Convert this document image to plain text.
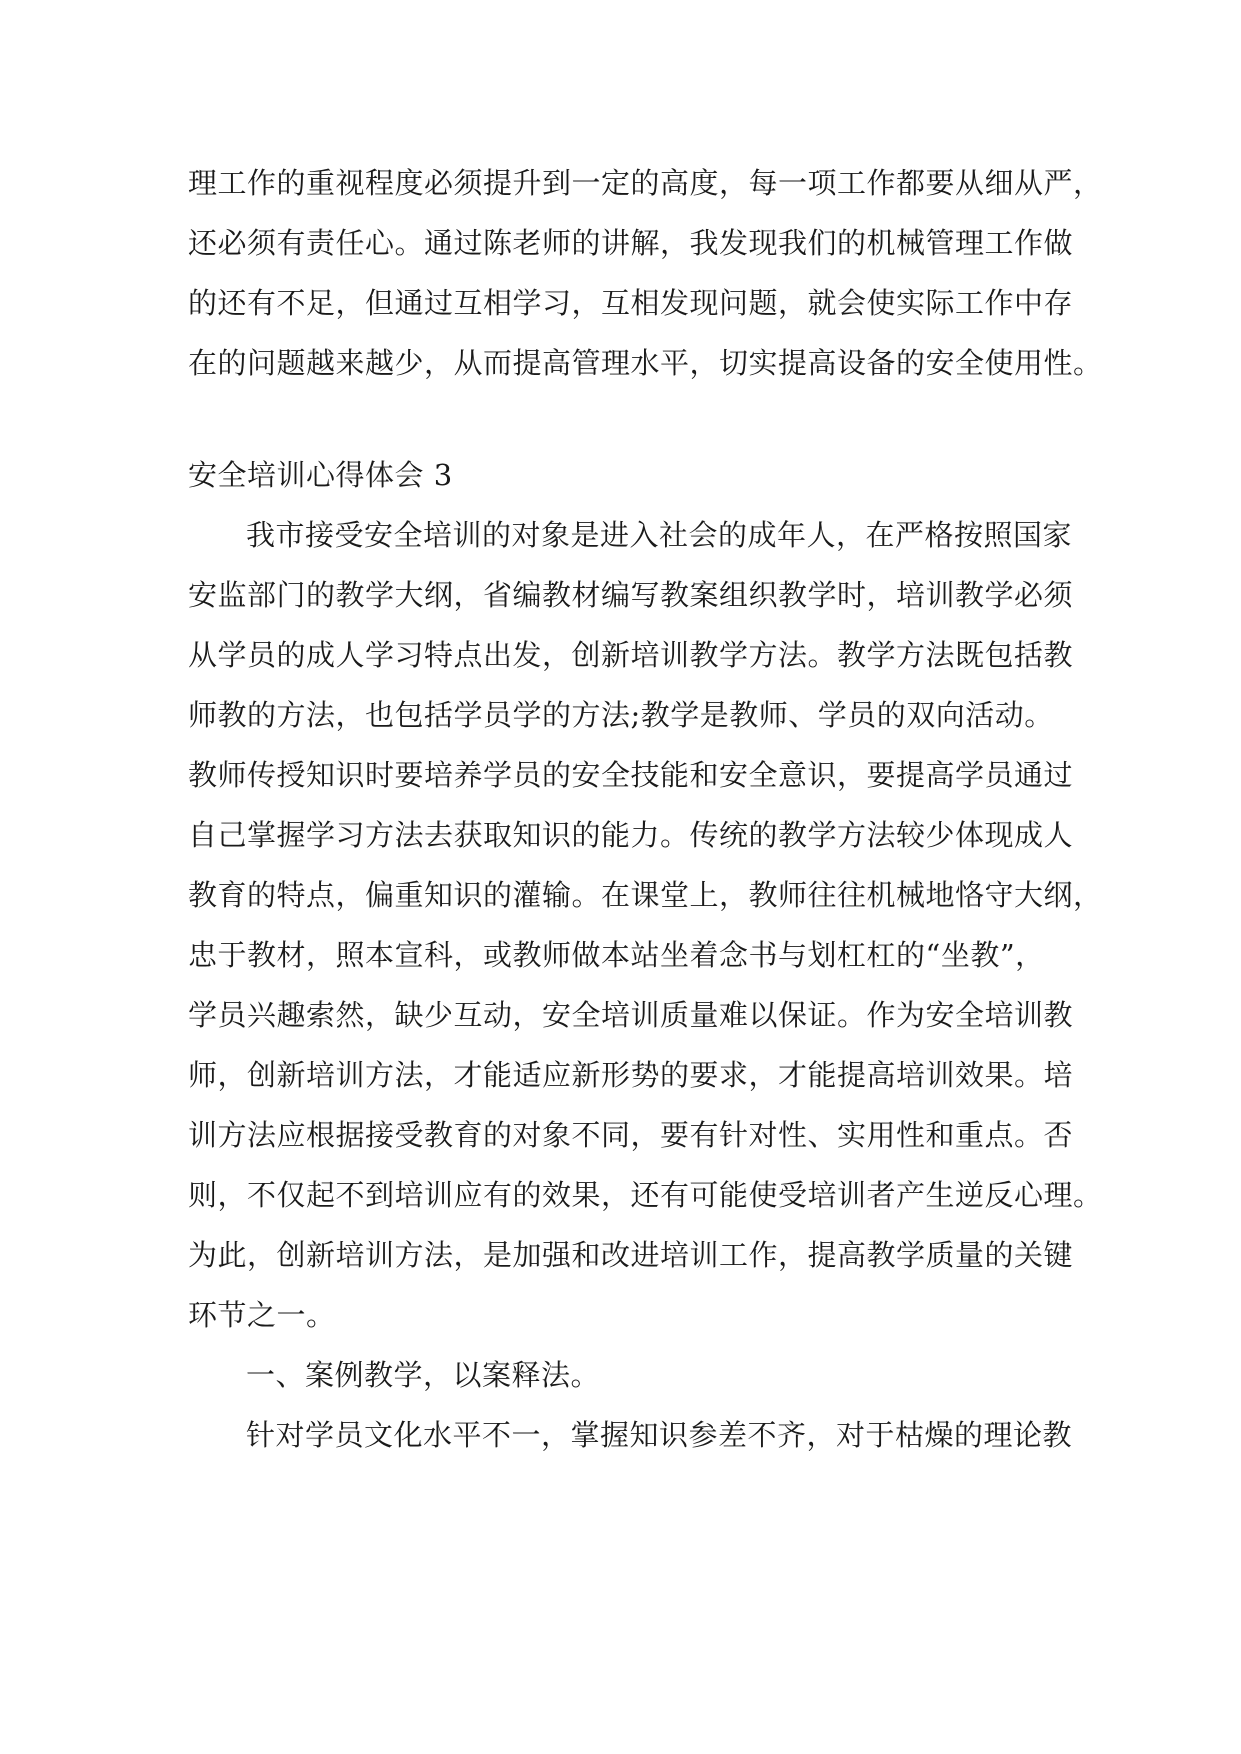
理工作的重视程度必须提升到一定的高度，每一项工作都要从细从严，
还必须有责任心。通过陈老师的讲解，我发现我们的机械管理工作做
的还有不足，但通过互相学习，互相发现问题，就会使实际工作中存
在的问题越来越少，从而提高管理水平，切实提高设备的安全使用性。
安全培训心得体会 3
我市接受安全培训的对象是进入社会的成年人，在严格按照国家
安监部门的教学大纲，省编教材编写教案组织教学时，培训教学必须
从学员的成人学习特点出发，创新培训教学方法。教学方法既包括教
师教的方法，也包括学员学的方法;教学是教师、学员的双向活动。
教师传授知识时要培养学员的安全技能和安全意识，要提高学员通过
自己掌握学习方法去获取知识的能力。传统的教学方法较少体现成人
教育的特点，偏重知识的灌输。在课堂上，教师往往机械地恪守大纲，
忠于教材，照本宣科，或教师做本站坐着念书与划杠杠的“坐教”，
学员兴趣索然，缺少互动，安全培训质量难以保证。作为安全培训教
师，创新培训方法，才能适应新形势的要求，才能提高培训效果。培
训方法应根据接受教育的对象不同，要有针对性、实用性和重点。否
则，不仅起不到培训应有的效果，还有可能使受培训者产生逆反心理。
为此，创新培训方法，是加强和改进培训工作，提高教学质量的关键
环节之一。
一、案例教学，以案释法。
针对学员文化水平不一，掌握知识参差不齐，对于枯燥的理论教
